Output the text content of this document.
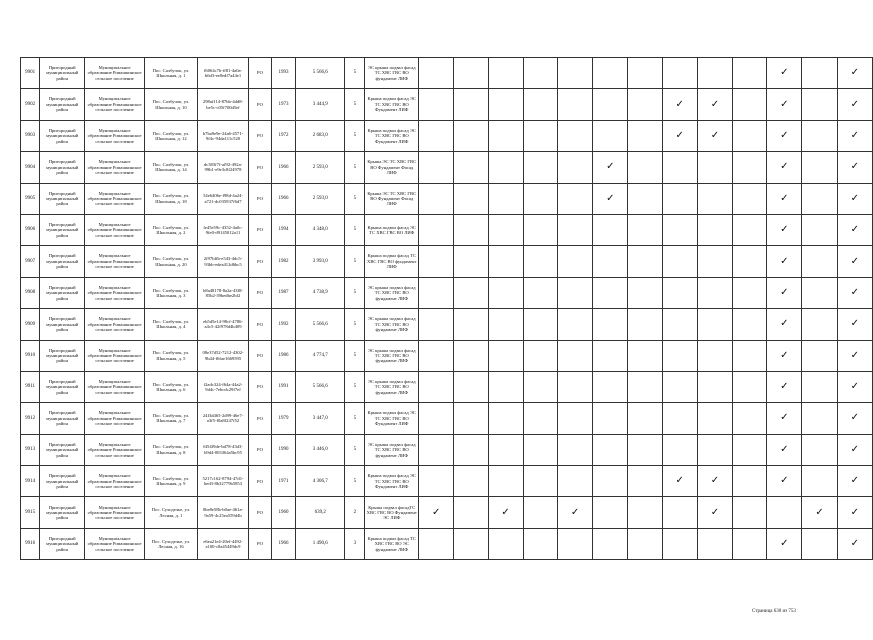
9901	Пригородный муниципальный район	Муниципальное образование Ромашкинское сельское поселение	Пос. Салбучок, ул. Школьная, д. 1	f6064c7b-ff81-4a0a-b6d3-ee8edf7a44e1	РО	1993	5 566,6	5	ЭС крыша подвал фасад ТС ХВС ГВС ВО фундамент ЛИФ											✓		✓
9902	Пригородный муниципальный район	Муниципальное образование Ромашкинское сельское поселение	Пос. Салбучок, ул. Школьная, д. 10	298af114-87bb-4dd8-be5c-c05f700d5ef	РО	1973	3 444,9	5	Крыша подвал фасад ЭС ТС ХВС ГВС ВО Фундамент ЛИФ								✓	✓		✓		✓
9903	Пригородный муниципальный район	Муниципальное образование Ромашкинское сельское поселение	Пос. Салбучок, ул. Школьная, д. 12	b7ba9e9e-24a6-4571-9f4c-94da111c520	РО	1972	2 683,0	5	Крыша подвал фасад ЭС ТС ХВС ГВС ВО Фундамент ЛИФ								✓	✓		✓		✓
9904	Пригородный муниципальный район	Муниципальное образование Ромашкинское сельское поселение	Пос. Салбучок, ул. Школьная, д. 14	dc383f7f-af92-492a-99b1-e9e3c8f24978	РО	1966	2 593,0	5	Крыша ЭС ТС ХВС ГВС ВО Фундамент Фасад ЛИФ						✓					✓		✓
9905	Пригородный муниципальный район	Муниципальное образование Ромашкинское сельское поселение	Пос. Салбучок, ул. Школьная, д. 18	54e6406e-f98d-4a24-a721-dc035937f6d7	РО	1966	2 593,0	5	Крыша ЭС ТС ХВС ГВС ВО Фундамент Фасад ЛИФ						✓					✓		✓
9906	Пригородный муниципальный район	Муниципальное образование Ромашкинское сельское поселение	Пос. Салбучок, ул. Школьная, д. 2	fe45e59c-4352-4a0c-9fe0-d9145012a11	РО	1994	4 348,0	5	Крыша подвал фасад ЭС ТС ХВС ГВС ВО ЛИФ											✓		✓
9907	Пригородный муниципальный район	Муниципальное образование Ромашкинское сельское поселение	Пос. Салбучок, ул. Школьная, д. 20	2f97bffb-e543-4dc5-93bb-edea412d6bc5	РО	1982	3 993,0	5	Крыша подвал фасад ТС ХВС ГВС ВО фундамент ЛИФ											✓		✓
9908	Пригородный муниципальный район	Муниципальное образование Ромашкинское сельское поселение	Пос. Салбучок, ул. Школьная, д. 3	b8a48178-8a2a-43f8-85b2-39bedbe2bf2	РО	1987	4 738,9	5	ЭС крыша подвал фасад ТС ХВС ГВС ВО фундамент ЛИФ											✓		✓
9909	Пригородный муниципальный район	Муниципальное образование Ромашкинское сельское поселение	Пос. Салбучок, ул. Школьная, д. 4	eb5d5e14-98cf-4786-a4c5-42f978d4b409	РО	1992	5 566,6	5	ЭС крыша подвал фасад ТС ХВС ГВС ВО фундамент ЛИФ											✓		✓
9910	Пригородный муниципальный район	Муниципальное образование Ромашкинское сельское поселение	Пос. Салбучок, ул. Школьная, д. 5	08e37d52-7212-4302-9b44-f6fae1669595	РО	1986	4 774,7	5	ЭС крыша подвал фасад ТС ХВС ГВС ВО фундамент ЛИФ											✓		✓
9911	Пригородный муниципальный район	Муниципальное образование Ромашкинское сельское поселение	Пос. Салбучок, ул. Школьная, д. 6	f2adc324-f64a-44a2-9d4c-7ebcdc29f7ef	РО	1991	5 566,6	5	ЭС крыша подвал фасад ТС ХВС ГВС ВО фундамент ЛИФ											✓		✓
9912	Пригородный муниципальный район	Муниципальное образование Ромашкинское сельское поселение	Пос. Салбучок, ул. Школьная, д. 7	24f3d465-2d99-46e7-a3f5-f0a8f247f52	РО	1979	3 447,0	5	Крыша подвал фасад ЭС ТС ХВС ГВС ВО Фундамент ЛИФ											✓		✓
9913	Пригородный муниципальный район	Муниципальное образование Ромашкинское сельское поселение	Пос. Салбучок, ул. Школьная, д. 8	6f54f9de-bd78-43d3-b9d4-003364a5bc95	РО	1990	3 446,0	5	ЭС крыша подвал фасад ТС ХВС ГВС ВО фундамент ЛИФ											✓		✓
9914	Пригородный муниципальный район	Муниципальное образование Ромашкинское сельское поселение	Пос. Салбучок, ул. Школьная, д. 9	5217c162-8794-47d1-bed3-8b32779b5853	РО	1971	4 306,7	5	Крыша подвал фасад ЭС ТС ХВС ГВС ВО Фундамент ЛИФ								✓	✓		✓		✓
9915	Пригородный муниципальный район	Муниципальное образование Ромашкинское сельское поселение	Пос. Суходелье, ул. Лесная, д. 1	0be8e58b-b0ae-461a-9a59-4c25ea559d4b	РО	1960	639,2	2	Крыша подвал фасадТС ХВС ГВС ВО Фундамент ЭС ЛИФ	✓		✓		✓				✓			✓	✓
9916	Пригородный муниципальный район	Муниципальное образование Ромашкинское сельское поселение	Пос. Суходелье, ул. Лесная, д. 16	e6ea21e4-20ef-4492-a100-c8a45449dc9	РО	1966	1 490,6	3	Крыша подвал фасад ТС ХВС ГВС ВО ЭС фундамент ЛИФ											✓		✓
Страница 630 из 753
